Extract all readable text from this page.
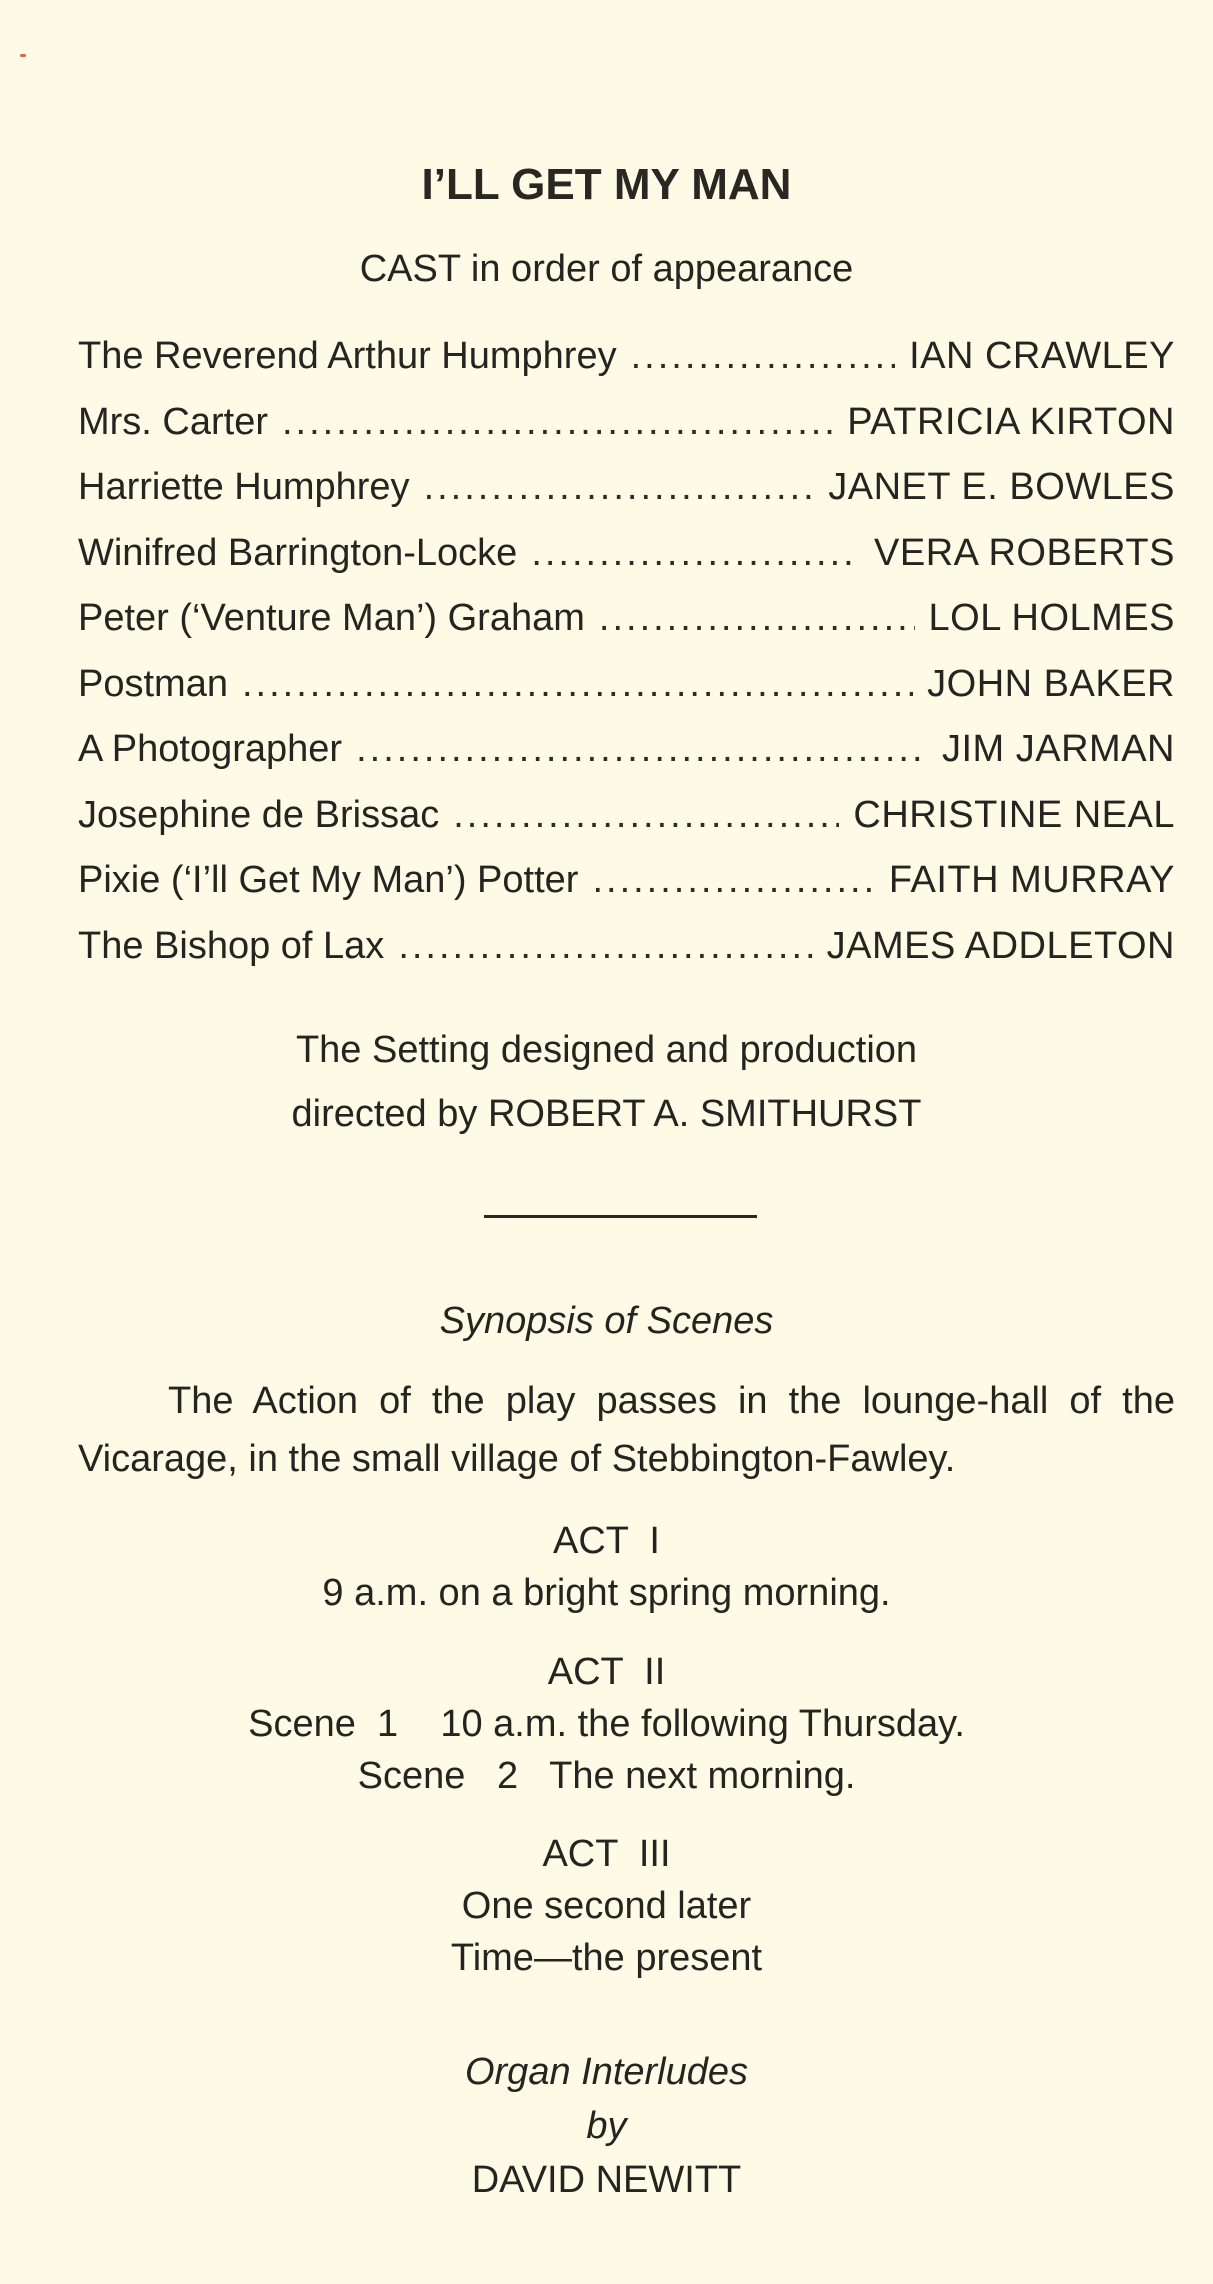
I’LL GET MY MAN
CAST in order of appearance
The Reverend Arthur Humphrey .....	IAN CRAWLEY
Mrs. Carter .....	PATRICIA KIRTON
Harriette Humphrey .....	JANET E. BOWLES
Winifred Barrington-Locke .....	VERA ROBERTS
Peter (‘Venture Man’) Graham .....	LOL HOLMES
Postman .....	JOHN BAKER
A Photographer .....	JIM JARMAN
Josephine de Brissac .....	CHRISTINE NEAL
Pixie (‘I’ll Get My Man’) Potter .....	FAITH MURRAY
The Bishop of Lax .....	JAMES ADDLETON
The Setting designed and production
directed by ROBERT A. SMITHURST
Synopsis of Scenes
The Action of the play passes in the lounge-hall of the Vicarage, in the small village of Stebbington-Fawley.
ACT  I
9 a.m. on a bright spring morning.
ACT  II
Scene  1    10 a.m. the following Thursday.
Scene   2   The next morning.
ACT  III
One second later
Time—the present
Organ Interludes
by
DAVID NEWITT
